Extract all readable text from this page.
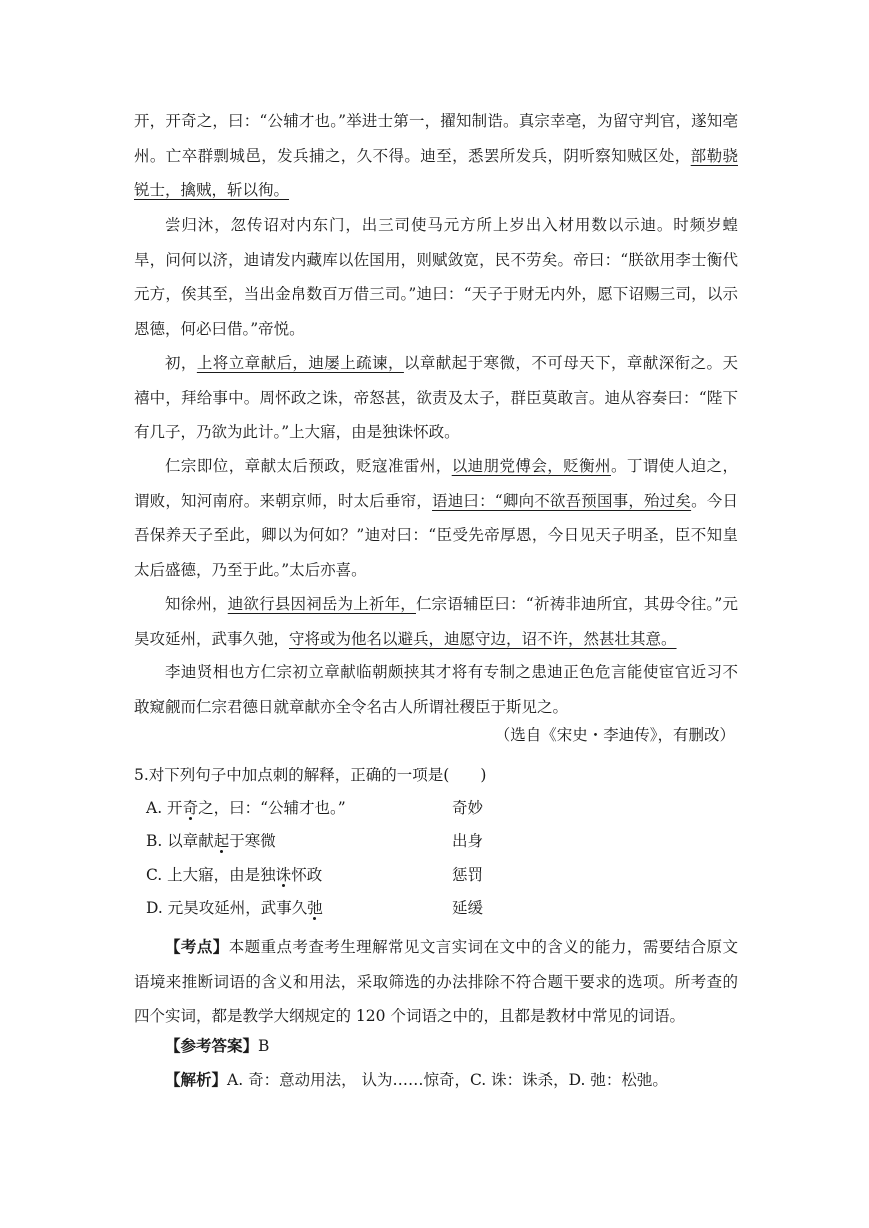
开，开奇之，曰：“公辅才也。”举进士第一，擢知制诰。真宗幸亳，为留守判官，遂知亳州。亡卒群剽城邑，发兵捕之，久不得。迪至，悉罢所发兵，阴听察知贼区处，部勒骁锐士，擒贼，斩以徇。
尝归沐，忽传诏对内东门，出三司使马元方所上岁出入材用数以示迪。时频岁蝗旱，问何以济，迪请发内藏库以佐国用，则赋敛宽，民不劳矣。帝曰：“朕欲用李士衡代元方，俟其至，当出金帛数百万借三司。”迪曰：“天子于财无内外，愿下诏赐三司，以示恩德，何必曰借。”帝悦。
初，上将立章献后，迪屡上疏谏，以章献起于寒微，不可母天下，章献深衔之。天禧中，拜给事中。周怀政之诛，帝怒甚，欲责及太子，群臣莫敢言。迪从容奏曰：“陛下有几子，乃欲为此计。”上大寤，由是独诛怀政。
仁宗即位，章献太后预政，贬寇准雷州，以迪朋党傅会，贬衡州。丁谓使人迫之，谓败，知河南府。来朝京师，时太后垂帘，语迪曰：“卿向不欲吾预国事，殆过矣。今日吾保养天子至此，卿以为何如？”迪对曰：“臣受先帝厚恩，今日见天子明圣，臣不知皇太后盛德，乃至于此。”太后亦喜。
知徐州，迪欲行县因祠岳为上祈年，仁宗语辅臣曰：“祈祷非迪所宜，其毋令往。”元昊攻延州，武事久弛，守将或为他名以避兵，迪愿守边，诏不许，然甚壮其意。
李迪贤相也方仁宗初立章献临朝颇挟其才将有专制之患迪正色危言能使宦官近习不敢窥觎而仁宗君德日就章献亦全令名古人所谓社稷臣于斯见之。
（选自《宋史・李迪传》，有删改）
5.对下列句子中加点刺的解释，正确的一项是(　　)
A. 开奇之，曰：“公辅才也。”	奇妙
B. 以章献起于寒微	出身
C. 上大寤，由是独诛怀政	惩罚
D. 元昊攻延州，武事久弛	延缓
【考点】本题重点考查考生理解常见文言实词在文中的含义的能力，需要结合原文语境来推断词语的含义和用法，采取筛选的办法排除不符合题干要求的选项。所考查的四个实词，都是教学大纲规定的 120 个词语之中的，且都是教材中常见的词语。
【参考答案】B
【解析】A. 奇：意动用法， 认为……惊奇，C. 诛：诛杀，D. 弛：松弛。
